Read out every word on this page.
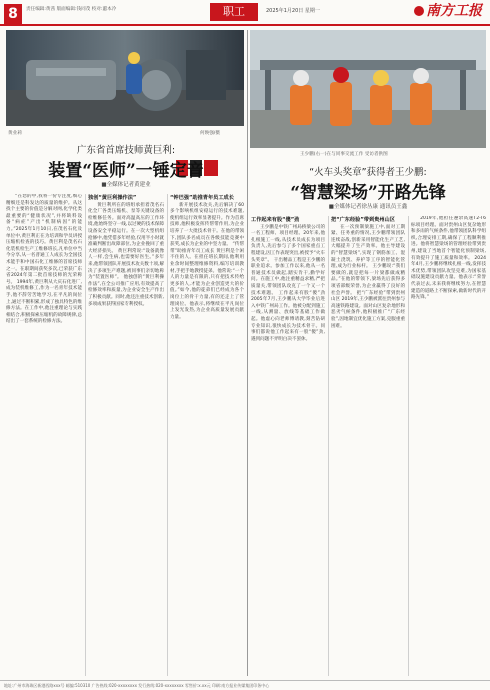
8	责任编辑:黄茜 版面编辑:钱同茂 校对:蕙本冷	职工	2025年1月20日 星期一	南方工报
黄业莉	何焕强/摄
王少鹏(右一)在与同事交流工作 受访者供图
广东省首席技师黄巨利:
装置“医师”一锤定音
■全媒体记者黄建业
“火车头奖章”获得者王少鹏:
“智慧梁场”开路先锋
■全媒体记者徐丛康 通讯员王鑫

“在您的中,我将一份专注度,细心精细还是科发达的质量的维护。从这找个主要的价值是分解对网,化学化类最重要的“健康状况”,并将缺料设备“病症”产出“机制病因”的能力。”2025年1月10日,在茂名石化及单位中,黄巨利正在为培训和学员讲授压缩机检查的技巧。黄巨利是茂名石化装机检生产工维修班长,凡单位中当今分享,从一名普通工人成长为全国技术能手和中国石化工维修的首席技师之一。在职期间获奖多次,已荣获广东省2024年第二批首席技师的光荣称号。 1994年,黄巨利从大庆石化进厂,成为装机维修工,作为一名青年技术能手,他不辞劳苦地学习,在平凡的岗位上,通过不断积累,形成了独具特色的维修方法。在工作中,他注重理论与实践相结合,积极探索压缩机的故障规律,总结出了一套系统的检修方法。

独创“黄巨利操作法”

黄巨利所在的班组承担着茂名石化全厂各类压缩机、泵等关键设备的检维修任务。面对高温高压的工作环境,他始终坚守一线,以过硬的技术保障设备安全平稳运行。在一次大型机组抢修中,他凭借多年经验,仅用半小时就准确判断出故障部位,为企业挽回了重大经济损失。 黄巨利常说:“设备就像人一样,会生病,也需要好医生。”多年来,他带领团队开展技术攻关数十项,解决了多项生产难题,被同事们亲切地称为“装置医师”。 他独创的“黄巨利操作法”,在全公司推广应用,有效提高了检修效率和质量,为企业安全生产作出了积极贡献。同时,他还注重技术创新,多项成果获得国家专利授权。

“钟巴强”助推青年员工成长

新开展技术攻关,先后解决了60多个影响机组安稳运行的技术难题,使机组运行效率显著提升。作为首席技师,他积极发挥传帮带作用,为企业培养了一大批技术骨干。在他的带领下,团队多名成员在各级技能竞赛中获奖,成长为企业的中坚力量。 “传帮带”助推青年员工成长 黄巨利是个闲不住的人。在担任班长期间,他利用业余时间整理维修资料,编写培训教材,手把手地教授徒弟。他常说:“一个人的力量是有限的,只有把技术传给更多的人,才能为企业创造更大的价值。”如今,他的徒弟们已经成为各个岗位上的骨干力量,有的还走上了管理岗位。他表示,将继续在平凡岗位上发光发热,为企业高质量发展贡献力量。

工作起来有股“傻”劲

王少鹏是中铁广州局桥梁公司的一名工程师、项目经理。20年来,他扎根施工一线,从技术员成长为项目负责人,先后参与了多个国家重点工程建设,因工作表现突出,被授予“火车头奖章”。 干出精品工程是王少鹏的职业追求。参加工作以来,他从一名普通技术员做起,踏实肯干,勤学好问。在施工中,他注重精益求精,严把质量关,带领团队攻克了一个又一个技术难题。 工作起来有股“傻”劲 2005年7月,王少鹏从大学毕业后进入中铁广州局工作。他被分配到施工一线,从测量、放线等基础工作做起。他虚心向老师傅请教,刻苦钻研专业知识,很快成长为技术骨干。同事们都说他工作起来有一股“傻”劲,遇到问题不弄明白决不罢休。

把“广东经验”带到贵州山区

在一次预制梁施工中,面对工期紧、任务重的情况,王少鹏带领团队连续奋战,创新采用智能化生产工艺,大幅提升了生产效率。他主导建设的“智慧梁场”,实现了钢筋加工、混凝土浇筑、养护等工序的智能化管理,成为行业标杆。 王少鹏说:“我们要做的,就是把每一片梁都做成精品。”在他的带领下,梁场先后获得多项省部级荣誉,为企业赢得了良好的社会声誉。 把“广东经验”带到贵州山区 2019年,王少鹏被派往贵州参与高速铁路建设。面对山区复杂地形和恶劣气候条件,他积极推广“广东经验”,因地制宜优化施工方案,克服重重困难。

2019年,他担任遵余高速T2-T6标项目经理。面对贵州山区复杂地形和多雨的气候条件,他带领团队科学组织,合理安排工期,确保了工程顺利推进。他将智慧梁场的管理经验带到贵州,建设了当地首个智能化预制梁场,有效提升了施工质量和效率。 2024年4月,王少鹏将继续扎根一线,发挥技术优势,带领团队攻坚克难,为国家基础设施建设贡献力量。他表示:“荣誉代表过去,未来我将继续努力,在智慧建造的道路上不断探索,做新时代的开路先锋。”

地址:广州市海珠区新港西路xxx号 邮编:510310 广告热线:020-xxxxxxxx 发行热线:020-xxxxxxxx 零售价:x.xx元 印刷:南方报业传媒集团印务中心
